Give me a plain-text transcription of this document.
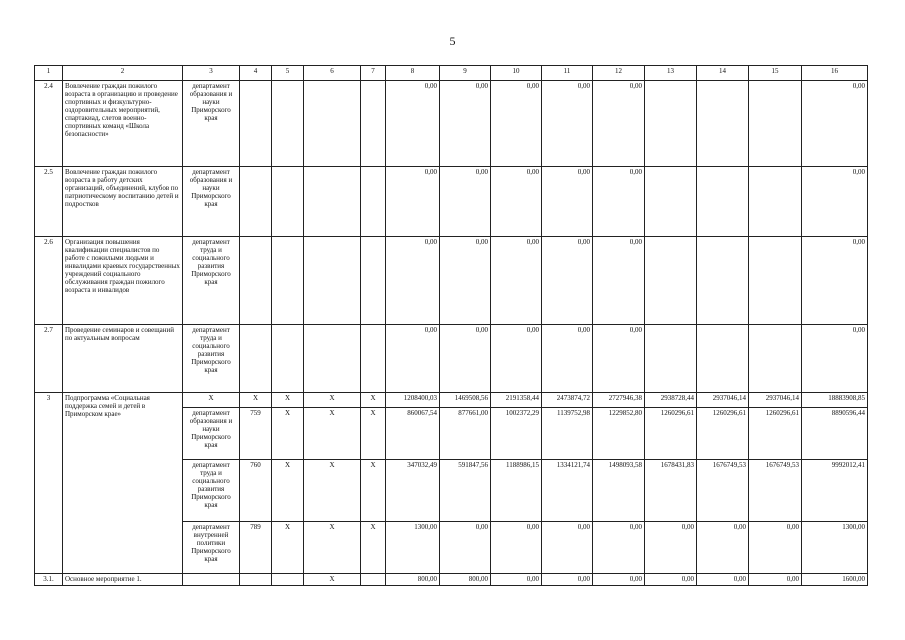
5
1	2	3	4	5	6	7	8	9	10	11	12	13	14	15	16
2.4	Вовлечение граждан пожилого возраста в организацию и проведение спортивных и физкультурно-оздоровительных мероприятий, спартакиад, слетов военно-спортивных команд «Школа безопасности»	департамент образования и науки Приморского края					0,00	0,00	0,00	0,00	0,00				0,00
2.5	Вовлечение граждан пожилого возраста в работу детских организаций, объединений, клубов по патриотическому воспитанию детей и подростков	департамент образования и науки Приморского края					0,00	0,00	0,00	0,00	0,00				0,00
2.6	Организация повышения квалификации специалистов по работе с пожилыми людьми и инвалидами краевых государственных учреждений социального обслуживания граждан пожилого возраста и инвалидов	департамент труда и социального развития Приморского края					0,00	0,00	0,00	0,00	0,00				0,00
2.7	Проведение семинаров и совещаний по актуальным вопросам	департамент труда и социального развития Приморского края					0,00	0,00	0,00	0,00	0,00				0,00
3	Подпрограмма «Социальная поддержка семей и детей в Приморском крае»	Х	Х	Х	Х	Х	1208400,03	1469508,56	2191358,44	2473874,72	2727946,38	2938728,44	2937046,14	2937046,14	18883908,85
		департамент образования и науки Приморского края	759	Х	Х	Х	860067,54	877661,00	1002372,29	1139752,98	1229852,80	1260296,61	1260296,61	1260296,61	8890596,44
		департамент труда и социального развития Приморского края	760	Х	Х	Х	347032,49	591847,56	1188986,15	1334121,74	1498093,58	1678431,83	1676749,53	1676749,53	9992012,41
		департамент внутренней политики Приморского края	789	Х	Х	Х	1300,00	0,00	0,00	0,00	0,00	0,00	0,00	0,00	1300,00
3.1.	Основное мероприятие 1.				Х		800,00	800,00	0,00	0,00	0,00	0,00	0,00	0,00	1600,00
